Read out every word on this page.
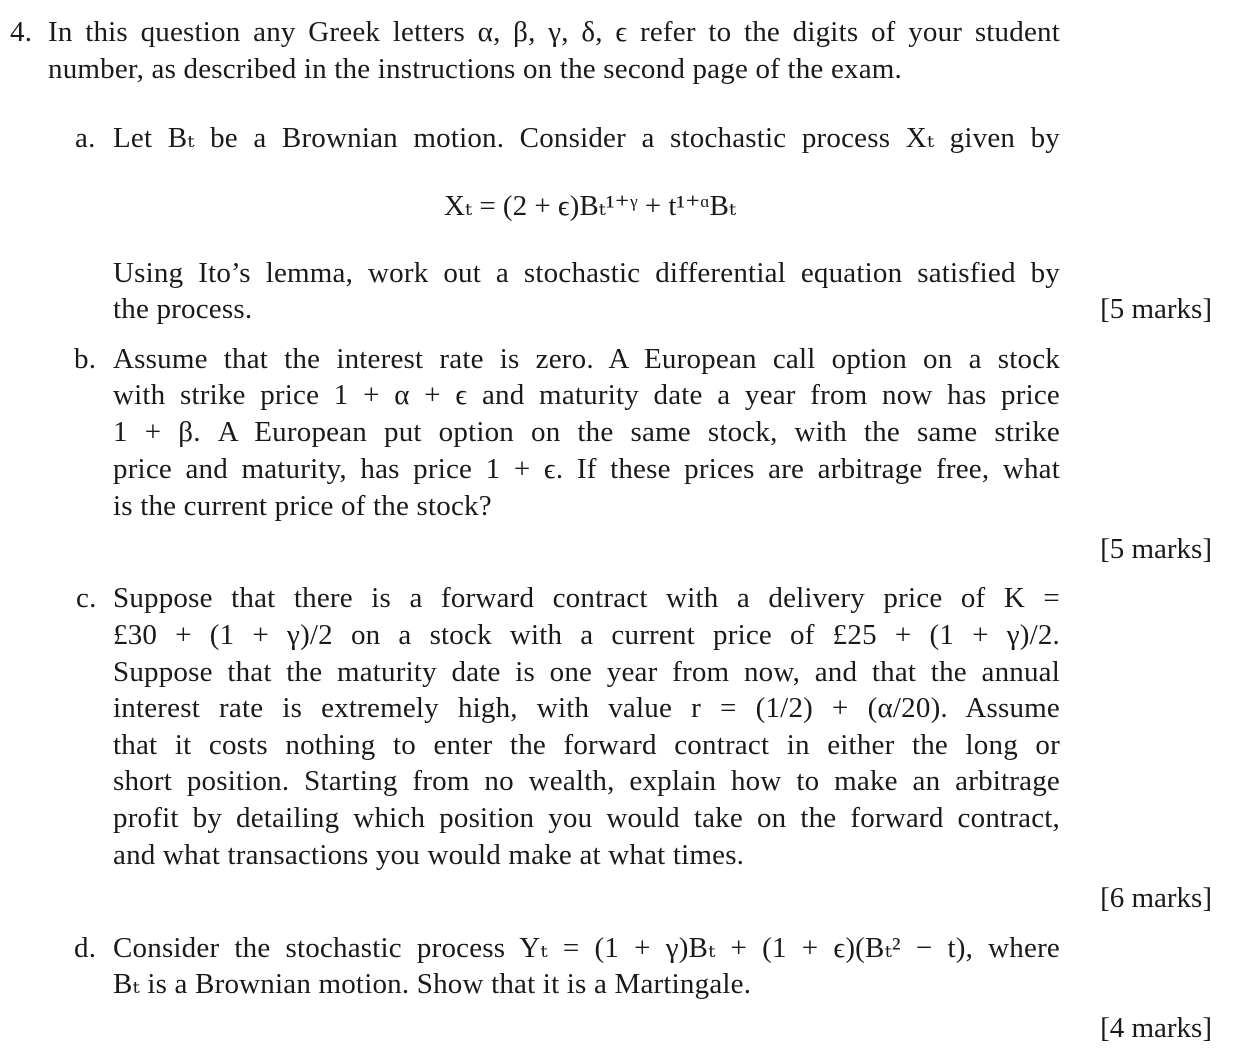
4. In this question any Greek letters α, β, γ, δ, ϵ refer to the digits of your student
number, as described in the instructions on the second page of the exam.
a. Let Bₜ be a Brownian motion. Consider a stochastic process Xₜ given by
Xₜ = (2 + ϵ)Bₜ¹⁺ᵞ + t¹⁺ᵅBₜ
Using Ito’s lemma, work out a stochastic differential equation satisfied by
the process.	[5 marks]
b. Assume that the interest rate is zero. A European call option on a stock
with strike price 1 + α + ϵ and maturity date a year from now has price
1 + β. A European put option on the same stock, with the same strike
price and maturity, has price 1 + ϵ. If these prices are arbitrage free, what
is the current price of the stock?
[5 marks]
c. Suppose that there is a forward contract with a delivery price of K =
£30 + (1 + γ)/2 on a stock with a current price of £25 + (1 + γ)/2.
Suppose that the maturity date is one year from now, and that the annual
interest rate is extremely high, with value r = (1/2) + (α/20). Assume
that it costs nothing to enter the forward contract in either the long or
short position. Starting from no wealth, explain how to make an arbitrage
profit by detailing which position you would take on the forward contract,
and what transactions you would make at what times.
[6 marks]
d. Consider the stochastic process Yₜ = (1 + γ)Bₜ + (1 + ϵ)(Bₜ² − t), where
Bₜ is a Brownian motion. Show that it is a Martingale.
[4 marks]
